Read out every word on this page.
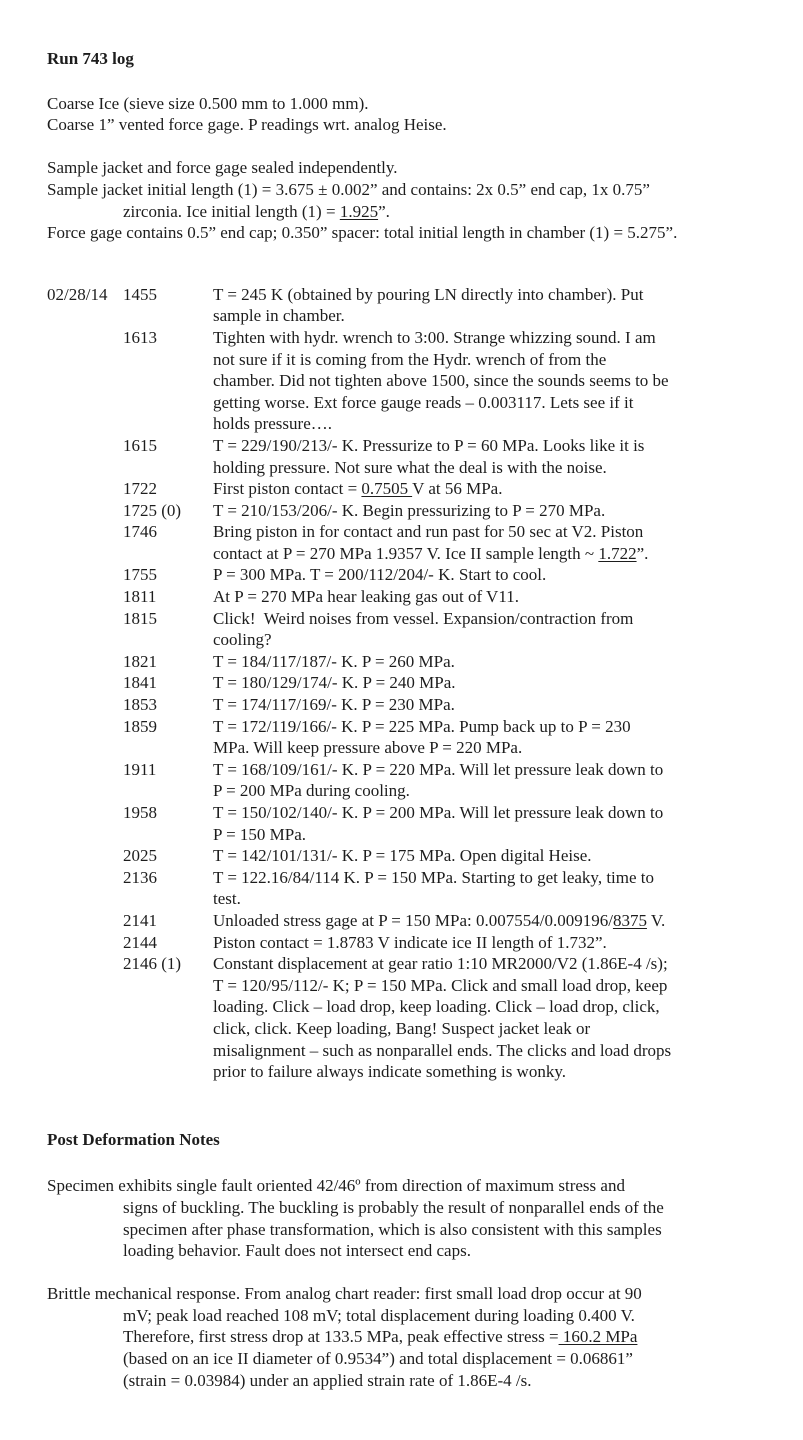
Run 743 log
Coarse Ice (sieve size 0.500 mm to 1.000 mm).
Coarse 1” vented force gage. P readings wrt. analog Heise.
Sample jacket and force gage sealed independently.
Sample jacket initial length (1) = 3.675 ± 0.002” and contains: 2x 0.5” end cap, 1x 0.75”
zirconia. Ice initial length (1) = 1.925”.
Force gage contains 0.5” end cap; 0.350” spacer: total initial length in chamber (1) = 5.275”.
02/28/14 1455	T = 245 K (obtained by pouring LN directly into chamber). Put
sample in chamber.
1613	Tighten with hydr. wrench to 3:00. Strange whizzing sound. I am
not sure if it is coming from the Hydr. wrench of from the
chamber. Did not tighten above 1500, since the sounds seems to be
getting worse. Ext force gauge reads – 0.003117. Lets see if it
holds pressure….
1615	T = 229/190/213/- K. Pressurize to P = 60 MPa. Looks like it is
holding pressure. Not sure what the deal is with the noise.
1722	First piston contact = 0.7505 V at 56 MPa.
1725 (0)	T = 210/153/206/- K. Begin pressurizing to P = 270 MPa.
1746	Bring piston in for contact and run past for 50 sec at V2. Piston
contact at P = 270 MPa 1.9357 V. Ice II sample length ~ 1.722”.
1755	P = 300 MPa. T = 200/112/204/- K. Start to cool.
1811	At P = 270 MPa hear leaking gas out of V11.
1815	Click!  Weird noises from vessel. Expansion/contraction from
cooling?
1821	T = 184/117/187/- K. P = 260 MPa.
1841	T = 180/129/174/- K. P = 240 MPa.
1853	T = 174/117/169/- K. P = 230 MPa.
1859	T = 172/119/166/- K. P = 225 MPa. Pump back up to P = 230
MPa. Will keep pressure above P = 220 MPa.
1911	T = 168/109/161/- K. P = 220 MPa. Will let pressure leak down to
P = 200 MPa during cooling.
1958	T = 150/102/140/- K. P = 200 MPa. Will let pressure leak down to
P = 150 MPa.
2025	T = 142/101/131/- K. P = 175 MPa. Open digital Heise.
2136	T = 122.16/84/114 K. P = 150 MPa. Starting to get leaky, time to
test.
2141	Unloaded stress gage at P = 150 MPa: 0.007554/0.009196/8375 V.
2144	Piston contact = 1.8783 V indicate ice II length of 1.732”.
2146 (1)	Constant displacement at gear ratio 1:10 MR2000/V2 (1.86E-4 /s);
T = 120/95/112/- K; P = 150 MPa. Click and small load drop, keep
loading. Click – load drop, keep loading. Click – load drop, click,
click, click. Keep loading, Bang! Suspect jacket leak or
misalignment – such as nonparallel ends. The clicks and load drops
prior to failure always indicate something is wonky.
Post Deformation Notes
Specimen exhibits single fault oriented 42/46º from direction of maximum stress and
signs of buckling. The buckling is probably the result of nonparallel ends of the
specimen after phase transformation, which is also consistent with this samples
loading behavior. Fault does not intersect end caps.
Brittle mechanical response. From analog chart reader: first small load drop occur at 90
mV; peak load reached 108 mV; total displacement during loading 0.400 V.
Therefore, first stress drop at 133.5 MPa, peak effective stress = 160.2 MPa
(based on an ice II diameter of 0.9534”) and total displacement = 0.06861”
(strain = 0.03984) under an applied strain rate of 1.86E-4 /s.
